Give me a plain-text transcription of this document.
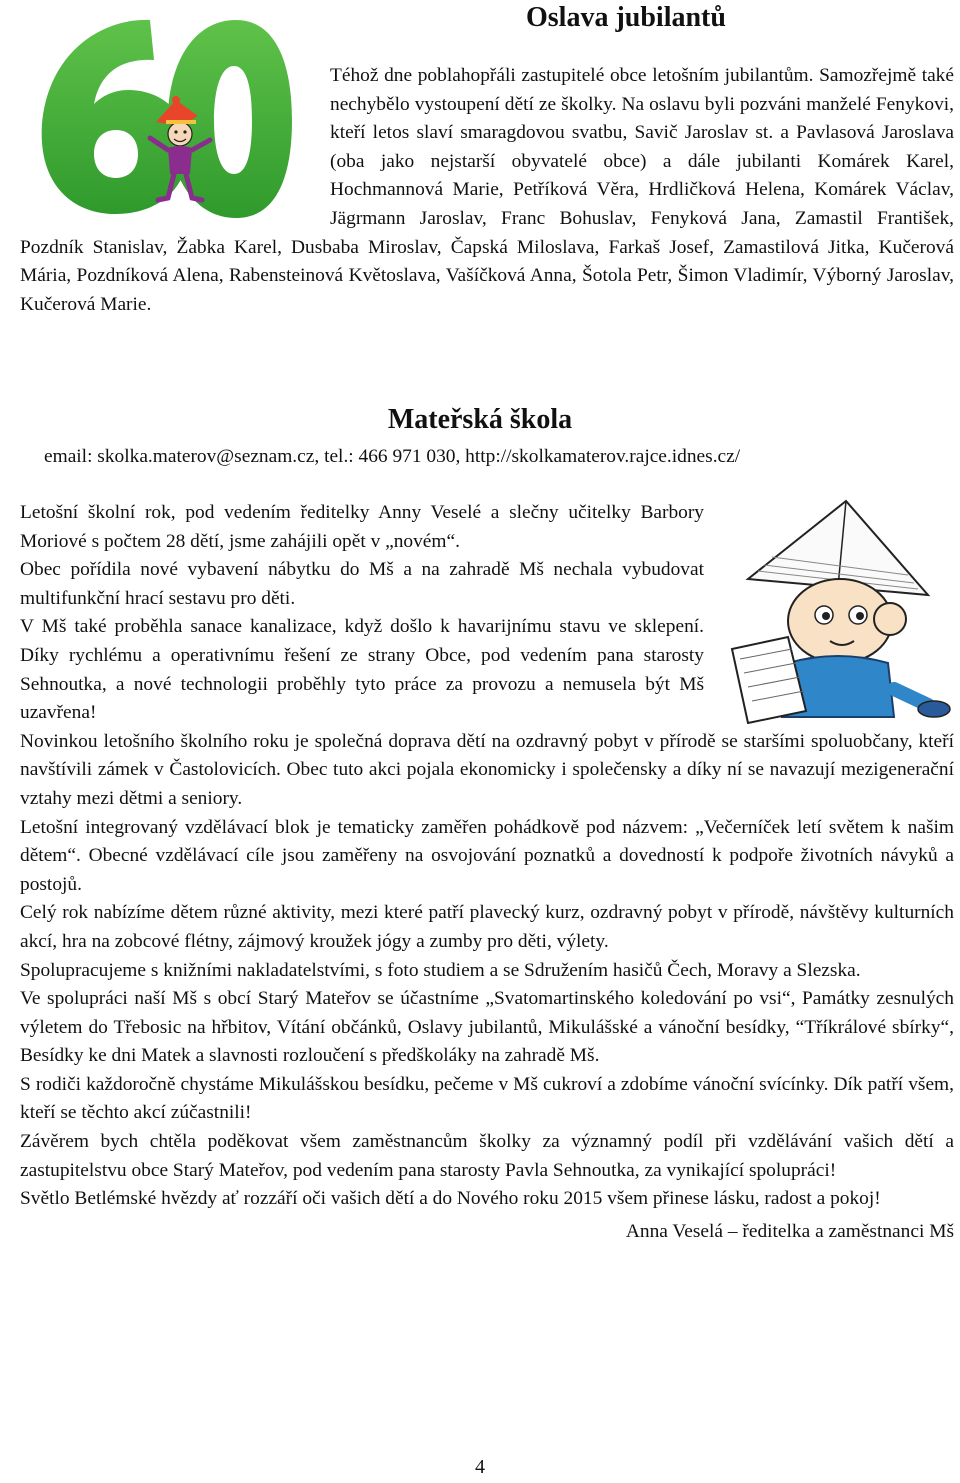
Oslava jubilantů

Téhož dne poblahopřáli zastupitelé obce letošním jubilantům. Samozřejmě také nechybělo vystoupení dětí ze školky. Na oslavu byli pozváni manželé Fenykovi, kteří letos slaví smaragdovou svatbu, Savič Jaroslav st. a Pavlasová Jaroslava (oba jako nejstarší obyvatelé obce) a dále jubilanti Komárek Karel, Hochmannová Marie, Petříková Věra, Hrdličková Helena, Komárek Václav, Jägrmann Jaroslav, Franc Bohuslav, Fenyková Jana, Zamastil František, Pozdník Stanislav, Žabka Karel, Dusbaba Miroslav, Čapská Miloslava, Farkaš Josef, Zamastilová Jitka, Kučerová Mária, Pozdníková Alena, Rabensteinová Květoslava, Vašíčková Anna, Šotola Petr, Šimon Vladimír, Výborný Jaroslav, Kučerová Marie.

Mateřská škola

email: skolka.materov@seznam.cz, tel.: 466 971 030, http://skolkamaterov.rajce.idnes.cz/

Letošní školní rok, pod vedením ředitelky Anny Veselé a slečny učitelky Barbory Moriové s počtem 28 dětí, jsme zahájili opět v „novém“.

Obec pořídila nové vybavení nábytku do Mš a na zahradě Mš nechala vybudovat multifunkční hrací sestavu pro děti.

V Mš také proběhla sanace kanalizace, když došlo k havarijnímu stavu ve sklepení. Díky rychlému a operativnímu řešení ze strany Obce, pod vedením pana starosty Sehnoutka, a nové technologii proběhly tyto práce za provozu a nemusela být Mš uzavřena!

Novinkou letošního školního roku je společná doprava dětí na ozdravný pobyt v přírodě se staršími spoluobčany, kteří navštívili zámek v Častolovicích. Obec tuto akci pojala ekonomicky i společensky a díky ní se navazují mezigenerační vztahy mezi dětmi a seniory.

Letošní integrovaný vzdělávací blok je tematicky zaměřen pohádkově pod názvem: „Večerníček letí světem k našim dětem“. Obecné vzdělávací cíle jsou zaměřeny na osvojování poznatků a dovedností k podpoře životních návyků a postojů.

Celý rok nabízíme dětem různé aktivity, mezi které patří plavecký kurz, ozdravný pobyt v přírodě, návštěvy kulturních akcí, hra na zobcové flétny, zájmový kroužek jógy a zumby pro děti, výlety.

Spolupracujeme s knižními nakladatelstvími, s foto studiem a se Sdružením hasičů Čech, Moravy a Slezska.

Ve spolupráci naší Mš s obcí Starý Mateřov se účastníme „Svatomartinského koledování po vsi“, Památky zesnulých výletem do Třebosic na hřbitov, Vítání občánků, Oslavy jubilantů, Mikulášské a vánoční besídky, “Tříkrálové sbírky“, Besídky ke dni Matek a slavnosti rozloučení s předškoláky na zahradě Mš.

S rodiči každoročně chystáme Mikulášskou besídku, pečeme v Mš cukroví a zdobíme vánoční svícínky. Dík patří všem, kteří se těchto akcí zúčastnili!

Závěrem bych chtěla poděkovat všem zaměstnancům školky za významný podíl při vzdělávání vašich dětí a zastupitelstvu obce Starý Mateřov, pod vedením pana starosty Pavla Sehnoutka, za vynikající spolupráci!

Světlo Betlémské hvězdy ať rozzáří oči vašich dětí a do Nového roku 2015 všem přinese lásku, radost a pokoj!

Anna Veselá – ředitelka a zaměstnanci Mš

4
